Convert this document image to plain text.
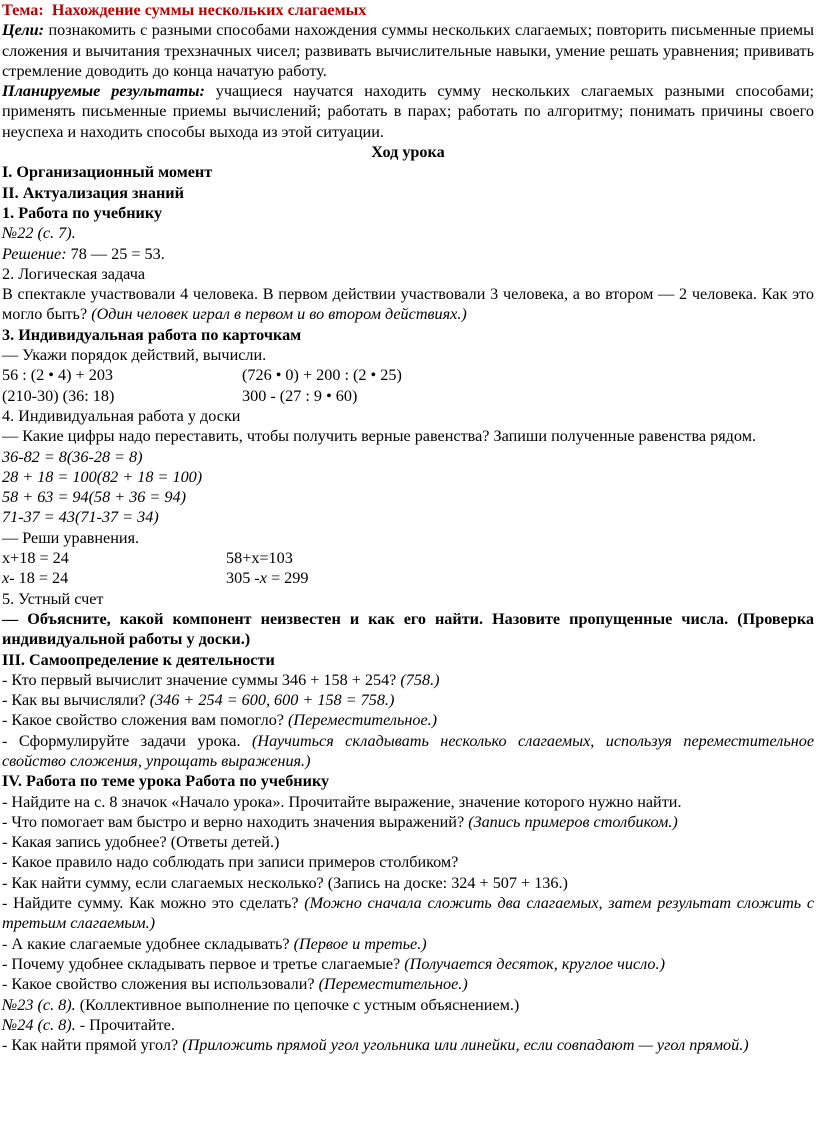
Тема: Нахождение суммы нескольких слагаемых

Цели: познакомить с разными способами нахождения суммы нескольких слагаемых; повторить письменные приемы сложения и вычитания трехзначных чисел; развивать вычислительные навыки, умение решать уравнения; прививать стремление доводить до конца начатую работу.

Планируемые результаты: учащиеся научатся находить сумму нескольких слагаемых разными способами; применять письменные приемы вычислений; работать в парах; работать по алгоритму; понимать причины своего неуспеха и находить способы выхода из этой ситуации.

Ход урока

I. Организационный момент

II. Актуализация знаний

1. Работа по учебнику

№22 (с. 7).

Решение: 78 — 25 = 53.

2. Логическая задача

В спектакле участвовали 4 человека. В первом действии участвовали 3 человека, а во втором — 2 человека. Как это могло быть? (Один человек играл в первом и во втором действиях.)

3. Индивидуальная работа по карточкам

— Укажи порядок действий, вычисли.

56 : (2 • 4) + 203	(726 • 0) + 200 : (2 • 25)
(210-30) (36: 18)	300 - (27 : 9 • 60)

4. Индивидуальная работа у доски

— Какие цифры надо переставить, чтобы получить верные равенства? Запиши полученные равенства рядом.

36-82 = 8(36-28 = 8)

28 + 18 = 100(82 + 18 = 100)

58 + 63 = 94(58 + 36 = 94)

71-37 = 43(71-37 = 34)

— Реши уравнения.

x+18 = 24	58+x=103
x- 18 = 24	305 -x = 299

5. Устный счет

— Объясните, какой компонент неизвестен и как его найти. Назовите пропущенные числа. (Проверка индивидуальной работы у доски.)

III. Самоопределение к деятельности

- Кто первый вычислит значение суммы 346 + 158 + 254? (758.)

- Как вы вычисляли? (346 + 254 = 600, 600 + 158 = 758.)

- Какое свойство сложения вам помогло? (Переместительное.)

- Сформулируйте задачи урока. (Научиться складывать несколько слагаемых, используя переместительное свойство сложения, упрощать выражения.)

IV. Работа по теме урока Работа по учебнику

- Найдите на с. 8 значок «Начало урока». Прочитайте выражение, значение которого нужно найти.

- Что помогает вам быстро и верно находить значения выражений? (Запись примеров столбиком.)

- Какая запись удобнее? (Ответы детей.)

- Какое правило надо соблюдать при записи примеров столбиком?

- Как найти сумму, если слагаемых несколько? (Запись на доске: 324 + 507 + 136.)

- Найдите сумму. Как можно это сделать? (Можно сначала сложить два слагаемых, затем результат сложить с третьим слагаемым.)

- А какие слагаемые удобнее складывать? (Первое и третье.)

- Почему удобнее складывать первое и третье слагаемые? (Получается десяток, круглое число.)

- Какое свойство сложения вы использовали? (Переместительное.)

№23 (с. 8). (Коллективное выполнение по цепочке с устным объяснением.)

№24 (с. 8). - Прочитайте.

- Как найти прямой угол? (Приложить прямой угол угольника или линейки, если совпадают — угол прямой.)
